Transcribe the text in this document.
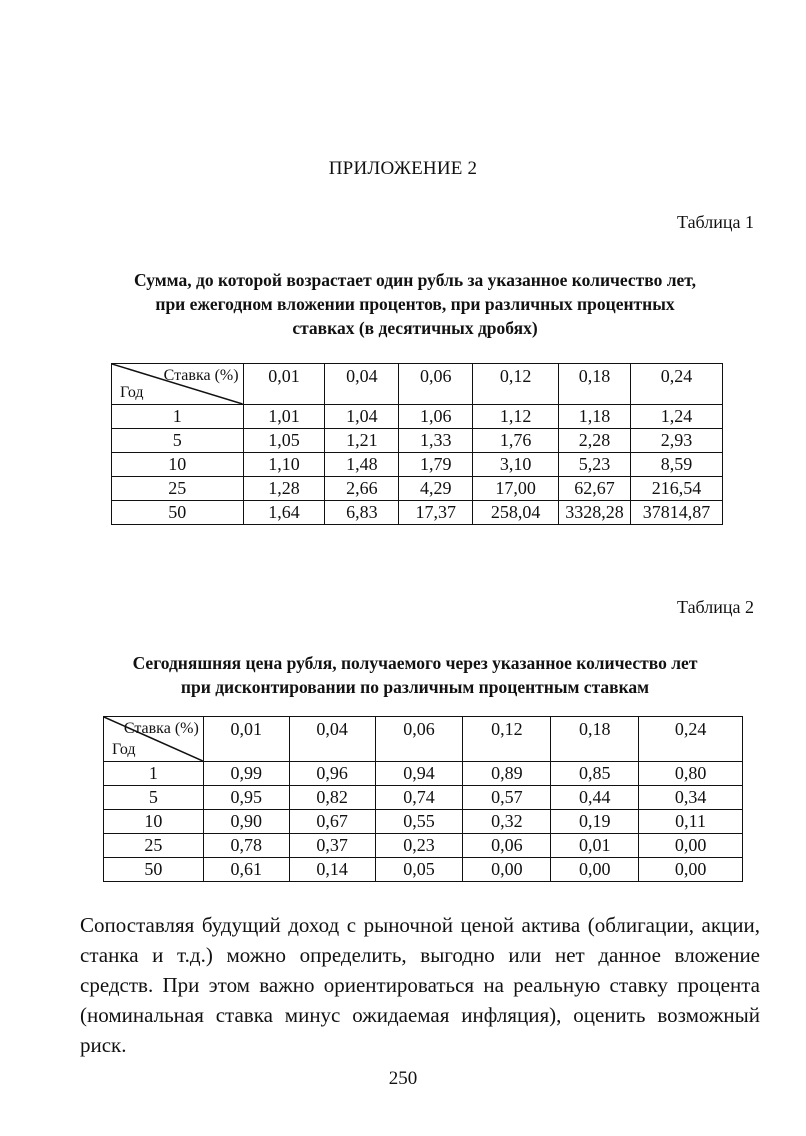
ПРИЛОЖЕНИЕ 2
Таблица 1
Сумма, до которой возрастает один рубль за указанное количество лет,
при ежегодном вложении процентов, при различных процентных
ставках (в десятичных дробях)
Ставка (%)
Год	0,01	0,04	0,06	0,12	0,18	0,24
1	1,01	1,04	1,06	1,12	1,18	1,24
5	1,05	1,21	1,33	1,76	2,28	2,93
10	1,10	1,48	1,79	3,10	5,23	8,59
25	1,28	2,66	4,29	17,00	62,67	216,54
50	1,64	6,83	17,37	258,04	3328,28	37814,87
Таблица 2
Сегодняшняя цена рубля, получаемого через указанное количество лет
при дисконтировании по различным процентным ставкам
Ставка (%)
Год	0,01	0,04	0,06	0,12	0,18	0,24
1	0,99	0,96	0,94	0,89	0,85	0,80
5	0,95	0,82	0,74	0,57	0,44	0,34
10	0,90	0,67	0,55	0,32	0,19	0,11
25	0,78	0,37	0,23	0,06	0,01	0,00
50	0,61	0,14	0,05	0,00	0,00	0,00
Сопоставляя будущий доход с рыночной ценой актива (облигации, акции, станка и т.д.) можно определить, выгодно или нет данное вложение средств. При этом важно ориентироваться на реальную ставку процента (номинальная ставка минус ожидаемая инфляция), оценить возможный риск.
250
